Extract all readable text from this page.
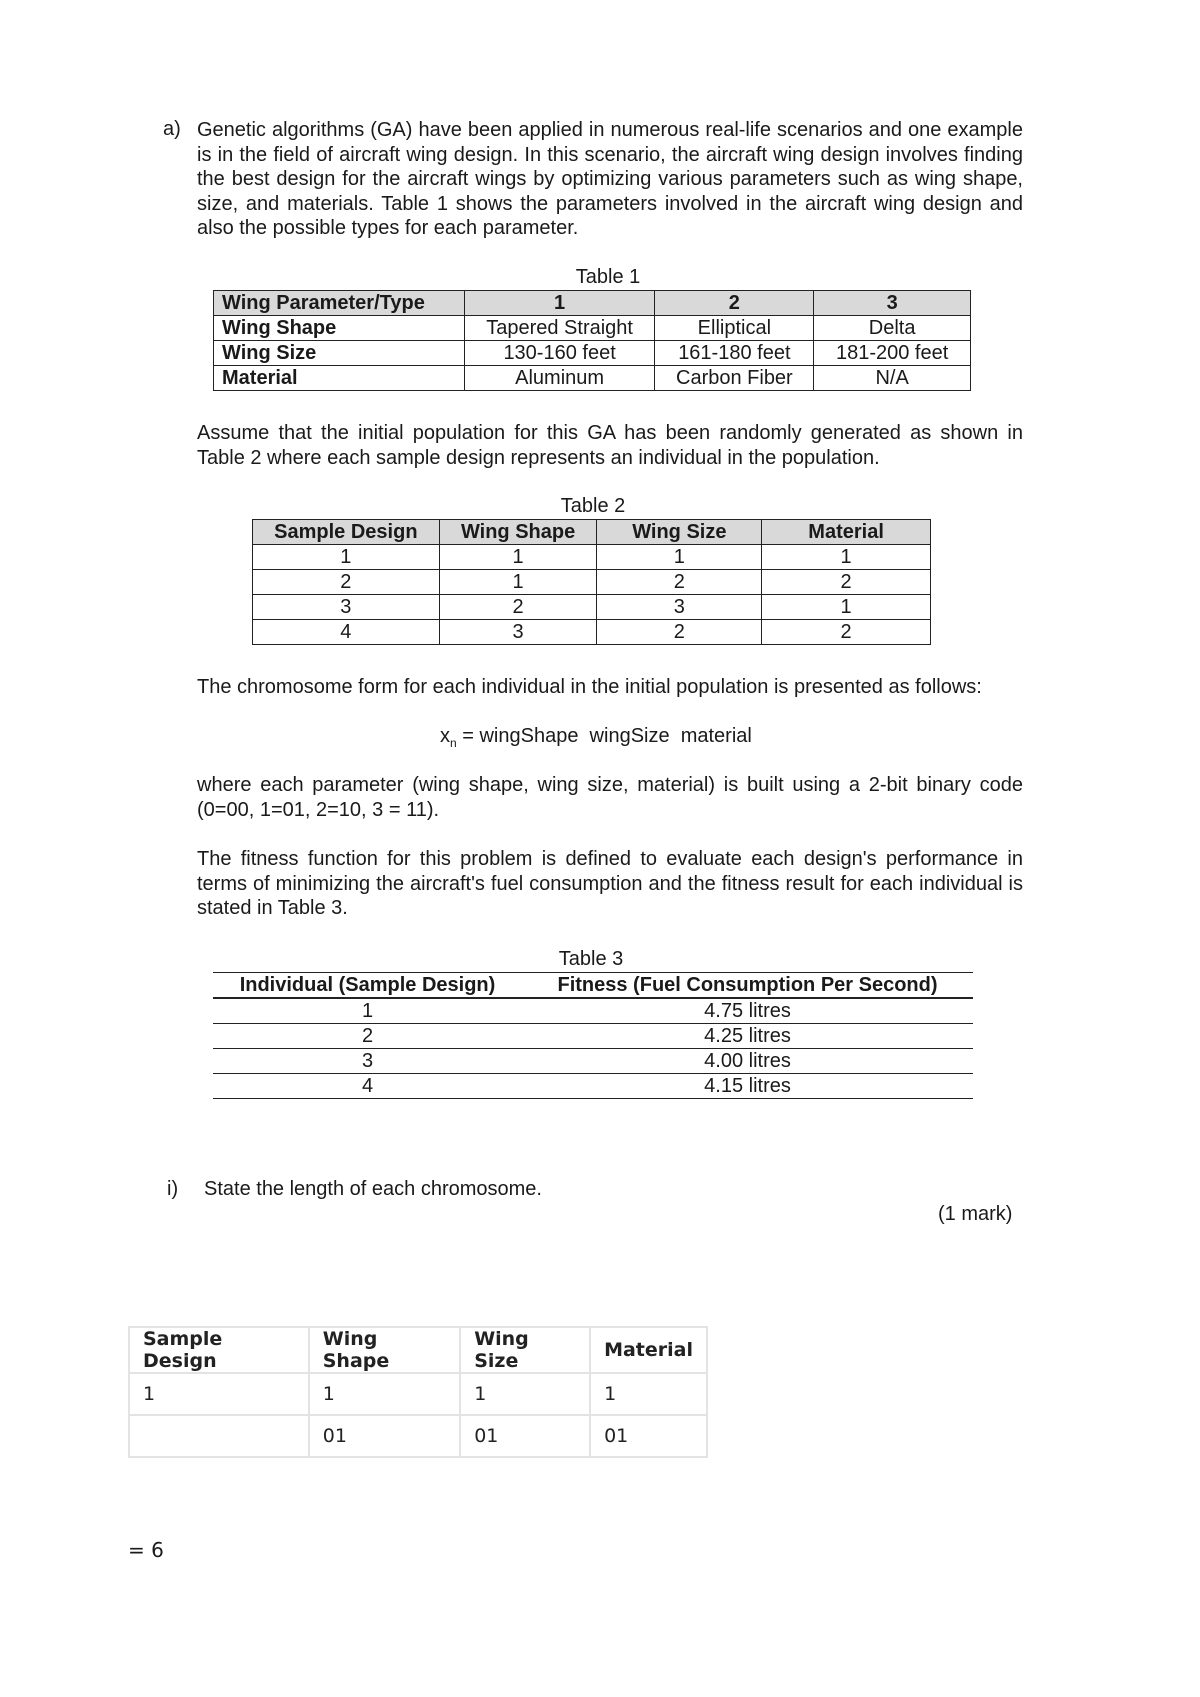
a) Genetic algorithms (GA) have been applied in numerous real-life scenarios and one example is in the field of aircraft wing design. In this scenario, the aircraft wing design involves finding the best design for the aircraft wings by optimizing various parameters such as wing shape, size, and materials. Table 1 shows the parameters involved in the aircraft wing design and also the possible types for each parameter.

Table 1
Wing Parameter/Type	1	2	3
Wing Shape	Tapered Straight	Elliptical	Delta
Wing Size	130-160 feet	161-180 feet	181-200 feet
Material	Aluminum	Carbon Fiber	N/A

Assume that the initial population for this GA has been randomly generated as shown in Table 2 where each sample design represents an individual in the population.

Table 2
Sample Design	Wing Shape	Wing Size	Material
1	1	1	1
2	1	2	2
3	2	3	1
4	3	2	2

The chromosome form for each individual in the initial population is presented as follows:

$x_n$ = wingShape  wingSize  material

where each parameter (wing shape, wing size, material) is built using a 2-bit binary code (0=00, 1=01, 2=10, 3 = 11).

The fitness function for this problem is defined to evaluate each design's performance in terms of minimizing the aircraft's fuel consumption and the fitness result for each individual is stated in Table 3.

Table 3
Individual (Sample Design)	Fitness (Fuel Consumption Per Second)
1	4.75 litres
2	4.25 litres
3	4.00 litres
4	4.15 litres
i) State the length of each chromosome.
(1 mark)
Sample Design	Wing Shape	Wing Size	Material
1	1	1	1
	01	01	01
= 6
